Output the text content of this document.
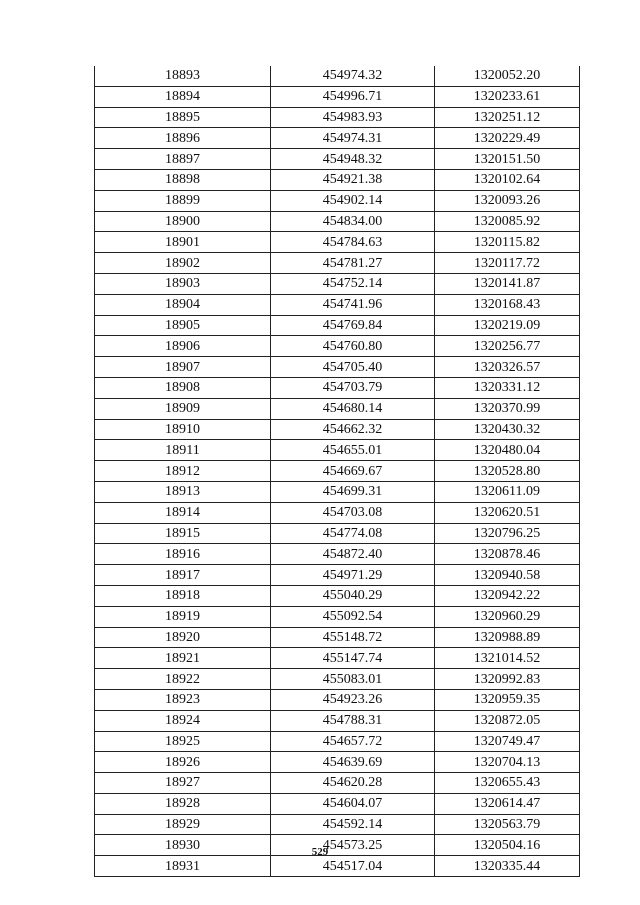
18893	454974.32	1320052.20
18894	454996.71	1320233.61
18895	454983.93	1320251.12
18896	454974.31	1320229.49
18897	454948.32	1320151.50
18898	454921.38	1320102.64
18899	454902.14	1320093.26
18900	454834.00	1320085.92
18901	454784.63	1320115.82
18902	454781.27	1320117.72
18903	454752.14	1320141.87
18904	454741.96	1320168.43
18905	454769.84	1320219.09
18906	454760.80	1320256.77
18907	454705.40	1320326.57
18908	454703.79	1320331.12
18909	454680.14	1320370.99
18910	454662.32	1320430.32
18911	454655.01	1320480.04
18912	454669.67	1320528.80
18913	454699.31	1320611.09
18914	454703.08	1320620.51
18915	454774.08	1320796.25
18916	454872.40	1320878.46
18917	454971.29	1320940.58
18918	455040.29	1320942.22
18919	455092.54	1320960.29
18920	455148.72	1320988.89
18921	455147.74	1321014.52
18922	455083.01	1320992.83
18923	454923.26	1320959.35
18924	454788.31	1320872.05
18925	454657.72	1320749.47
18926	454639.69	1320704.13
18927	454620.28	1320655.43
18928	454604.07	1320614.47
18929	454592.14	1320563.79
18930	454573.25	1320504.16
18931	454517.04	1320335.44
529
